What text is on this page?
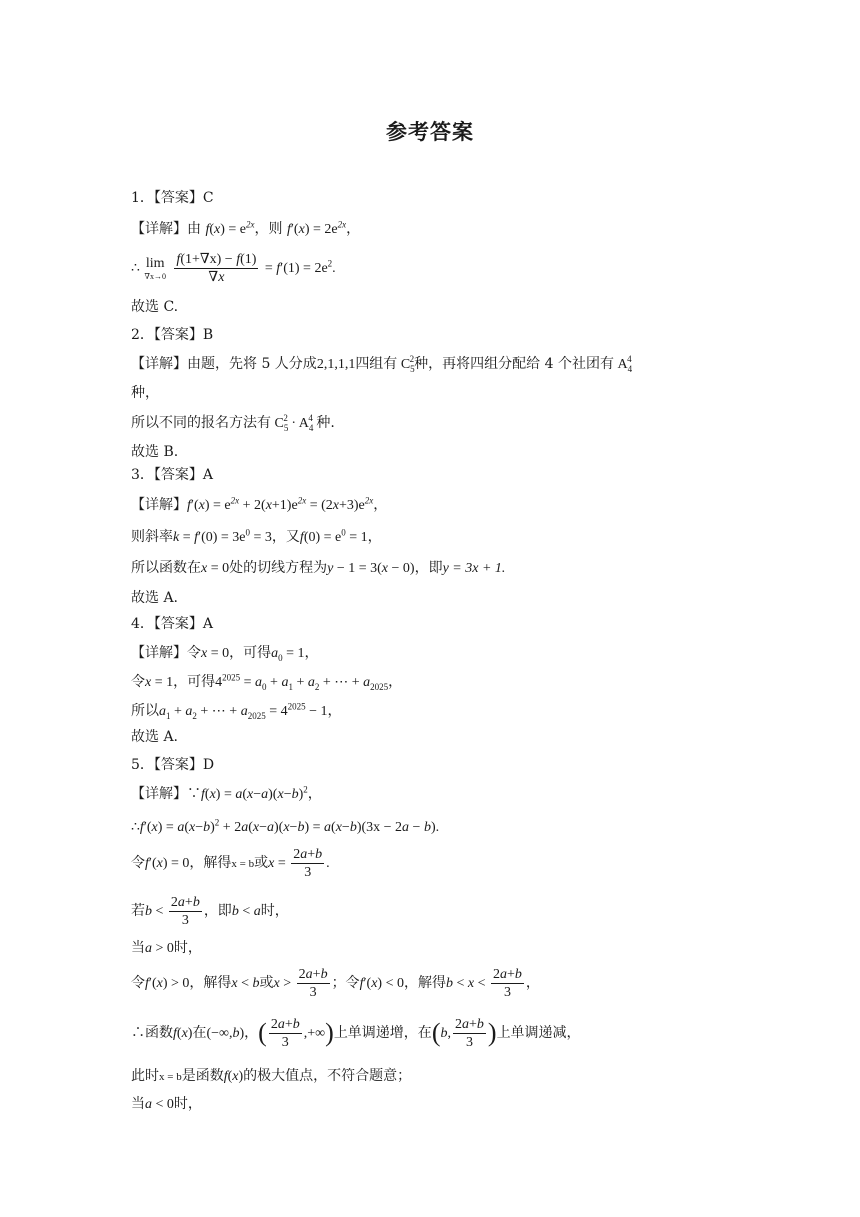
参考答案
1．【答案】C
【详解】由 $f(x) = e^{2x}$，则 $f'(x) = 2e^{2x}$，
∴ lim
∇x→0
$\frac{f(1+\nabla x) - f(1)}{\nabla x} = f'(1) = 2e^2$.
故选 C.
2．【答案】B
【详解】由题，先将 5 人分成2,1,1,1四组有 $C_5^2$种，再将四组分配给 4 个社团有 $A_4^4$
种，
所以不同的报名方法有 $C_5^2 \cdot A_4^4$ 种.
故选 B.
3．【答案】A
【详解】$f'(x) = e^{2x} + 2(x+1)e^{2x} = (2x+3)e^{2x}$，
则斜率$k = f'(0) = 3e^0 = 3$，又$f(0) = e^0 = 1$，
所以函数在x = 0处的切线方程为y − 1 = 3(x − 0)，即y = 3x + 1.
故选 A.
4．【答案】A
【详解】令x = 0，可得$a_0 = 1$，
令x = 1，可得$4^{2025} = a_0 + a_1 + a_2$ + ⋯ + $a_{2025}$，
所以$a_1 + a_2$ + ⋯ + $a_{2025} = 4^{2025} - 1$，
故选 A.
5．【答案】D
【详解】∵f(x) = $a(x-a)(x-b)^2$，
∴f′(x) = $a(x-b)^2 + 2a(x-a)(x-b) = a(x-b)(3x - 2a - b)$.
令f′(x) = 0，解得x = b或$x = \frac{2a+b}{3}$ .
若$b < \frac{2a+b}{3}$ ，即b < a时，
当a > 0时，
令f′(x) > 0，解得x < b或$x > \frac{2a+b}{3}$ ；令f′(x) < 0，解得$b < x < \frac{2a+b}{3}$ ，
∴函数f(x)在(−∞,b)，( $\frac{2a+b}{3}$ ,+∞)上单调递增，在(b, $\frac{2a+b}{3}$ )上单调递减，
此时x = b是函数f(x)的极大值点，不符合题意；
当a < 0时，
